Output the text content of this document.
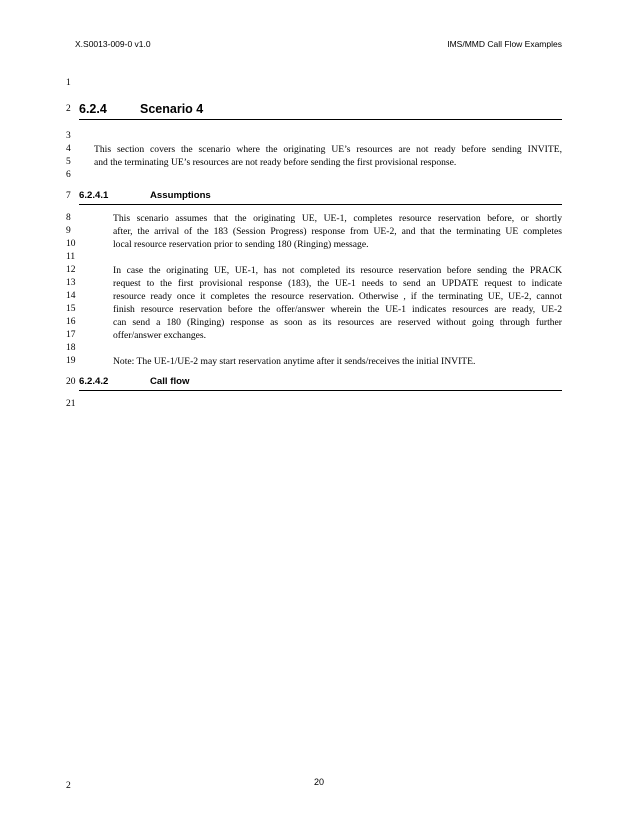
X.S0013-009-0 v1.0	IMS/MMD Call Flow Examples
1
2
3
4
5
6
7
8
9
10
11
12
13
14
15
16
17
18
19
20
21
6.2.4	Scenario 4
This section covers the scenario where the originating UE’s resources are not ready before sending INVITE,
and the terminating UE’s resources are not ready before sending the first provisional response.
6.2.4.1	Assumptions
This scenario assumes that the originating UE, UE-1, completes resource reservation before, or shortly
after, the arrival of the 183 (Session Progress) response from UE-2, and that the terminating UE completes
local resource reservation prior to sending 180 (Ringing) message.
In case the originating UE, UE-1, has not completed its resource reservation before sending the PRACK
request to the first provisional response (183), the UE-1 needs to send an UPDATE request to indicate
resource ready once it completes the resource reservation. Otherwise , if the terminating UE, UE-2, cannot
finish resource reservation before the offer/answer wherein the UE-1 indicates resources are ready, UE-2
can send a 180 (Ringing) response as soon as its resources are reserved without going through further
offer/answer exchanges.
Note: The UE-1/UE-2 may start reservation anytime after it sends/receives the initial INVITE.
6.2.4.2	Call flow
2	20
